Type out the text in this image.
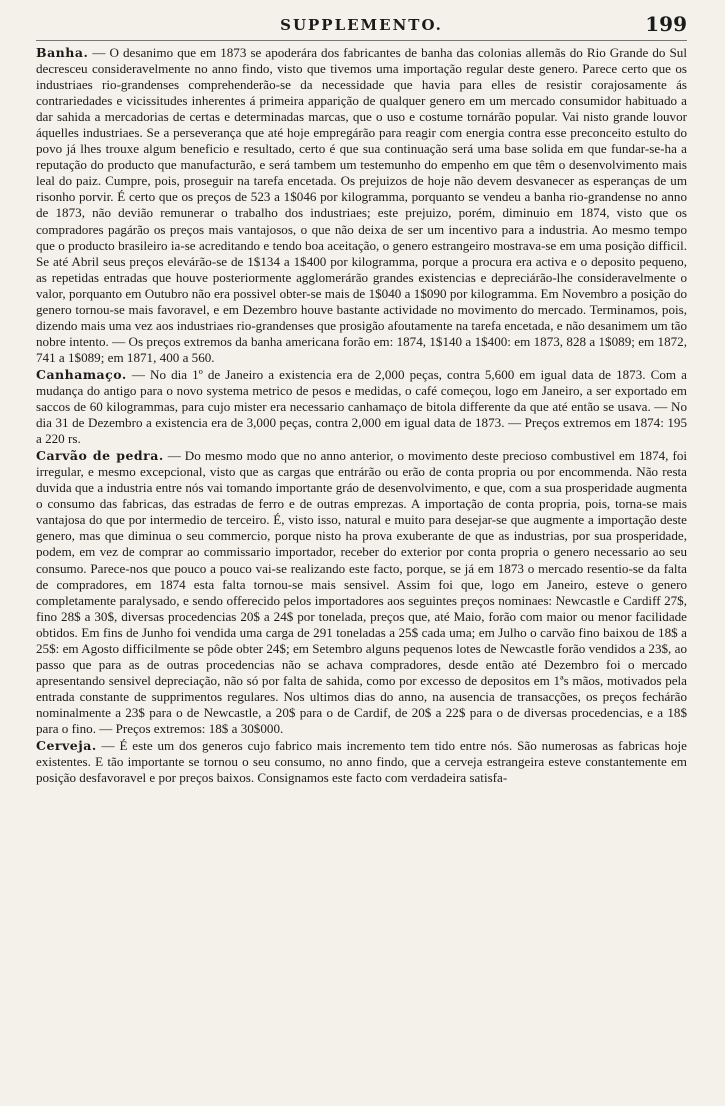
SUPPLEMENTO.	199

Banha. — O desanimo que em 1873 se apoderára dos fabricantes de banha das colonias allemãs do Rio Grande do Sul decresceu consideravelmente no anno findo, visto que tivemos uma importação regular deste genero. Parece certo que os industriaes rio-grandenses comprehenderão-se da necessidade que havia para elles de resistir corajosamente ás contrariedades e vicissitudes inherentes á primeira apparição de qualquer genero em um mercado consumidor habituado a dar sahida a mercadorias de certas e determinadas marcas, que o uso e costume tornárão popular. Vai nisto grande louvor áquelles industriaes. Se a perseverança que até hoje empregárão para reagir com energia contra esse preconceito estulto do povo já lhes trouxe algum beneficio e resultado, certo é que sua continuação será uma base solida em que fundar-se-ha a reputação do producto que manufacturão, e será tambem um testemunho do empenho em que têm o desenvolvimento mais leal do paiz. Cumpre, pois, proseguir na tarefa encetada. Os prejuizos de hoje não devem desvanecer as esperanças de um risonho porvir. É certo que os preços de 523 a 1$046 por kilogramma, porquanto se vendeu a banha rio-grandense no anno de 1873, não devião remunerar o trabalho dos industriaes; este prejuizo, porém, diminuio em 1874, visto que os compradores pagárão os preços mais vantajosos, o que não deixa de ser um incentivo para a industria. Ao mesmo tempo que o producto brasileiro ia-se acreditando e tendo boa aceitação, o genero estrangeiro mostrava-se em uma posição difficil. Se até Abril seus preços elevárão-se de 1$134 a 1$400 por kilogramma, porque a procura era activa e o deposito pequeno, as repetidas entradas que houve posteriormente agglomerárão grandes existencias e depreciárão-lhe consideravelmente o valor, porquanto em Outubro não era possivel obter-se mais de 1$040 a 1$090 por kilogramma. Em Novembro a posição do genero tornou-se mais favoravel, e em Dezembro houve bastante actividade no movimento do mercado. Terminamos, pois, dizendo mais uma vez aos industriaes rio-grandenses que prosigão afoutamente na tarefa encetada, e não desanimem um tão nobre intento. — Os preços extremos da banha americana forão em: 1874, 1$140 a 1$400: em 1873, 828 a 1$089; em 1872, 741 a 1$089; em 1871, 400 a 560.

Canhamaço. — No dia 1º de Janeiro a existencia era de 2,000 peças, contra 5,600 em igual data de 1873. Com a mudança do antigo para o novo systema metrico de pesos e medidas, o café começou, logo em Janeiro, a ser exportado em saccos de 60 kilogrammas, para cujo mister era necessario canhamaço de bitola differente da que até então se usava. — No dia 31 de Dezembro a existencia era de 3,000 peças, contra 2,000 em igual data de 1873. — Preços extremos em 1874: 195 a 220 rs.

Carvão de pedra. — Do mesmo modo que no anno anterior, o movimento deste precioso combustivel em 1874, foi irregular, e mesmo excepcional, visto que as cargas que entrárão ou erão de conta propria ou por encommenda. Não resta duvida que a industria entre nós vai tomando importante gráo de desenvolvimento, e que, com a sua prosperidade augmenta o consumo das fabricas, das estradas de ferro e de outras emprezas. A importação de conta propria, pois, torna-se mais vantajosa do que por intermedio de terceiro. É, visto isso, natural e muito para desejar-se que augmente a importação deste genero, mas que diminua o seu commercio, porque nisto ha prova exuberante de que as industrias, por sua prosperidade, podem, em vez de comprar ao commissario importador, receber do exterior por conta propria o genero necessario ao seu consumo. Parece-nos que pouco a pouco vai-se realizando este facto, porque, se já em 1873 o mercado resentio-se da falta de compradores, em 1874 esta falta tornou-se mais sensivel. Assim foi que, logo em Janeiro, esteve o genero completamente paralysado, e sendo offerecido pelos importadores aos seguintes preços nominaes: Newcastle e Cardiff 27$, fino 28$ a 30$, diversas procedencias 20$ a 24$ por tonelada, preços que, até Maio, forão com maior ou menor facilidade obtidos. Em fins de Junho foi vendida uma carga de 291 toneladas a 25$ cada uma; em Julho o carvão fino baixou de 18$ a 25$: em Agosto difficilmente se pôde obter 24$; em Setembro alguns pequenos lotes de Newcastle forão vendidos a 23$, ao passo que para as de outras procedencias não se achava compradores, desde então até Dezembro foi o mercado apresentando sensivel depreciação, não só por falta de sahida, como por excesso de depositos em 1ªs mãos, motivados pela entrada constante de supprimentos regulares. Nos ultimos dias do anno, na ausencia de transacções, os preços fechárão nominalmente a 23$ para o de Newcastle, a 20$ para o de Cardif, de 20$ a 22$ para o de diversas procedencias, e a 18$ para o fino. — Preços extremos: 18$ a 30$000.

Cerveja. — É este um dos generos cujo fabrico mais incremento tem tido entre nós. São numerosas as fabricas hoje existentes. E tão importante se tornou o seu consumo, no anno findo, que a cerveja estrangeira esteve constantemente em posição desfavoravel e por preços baixos. Consignamos este facto com verdadeira satisfa-
